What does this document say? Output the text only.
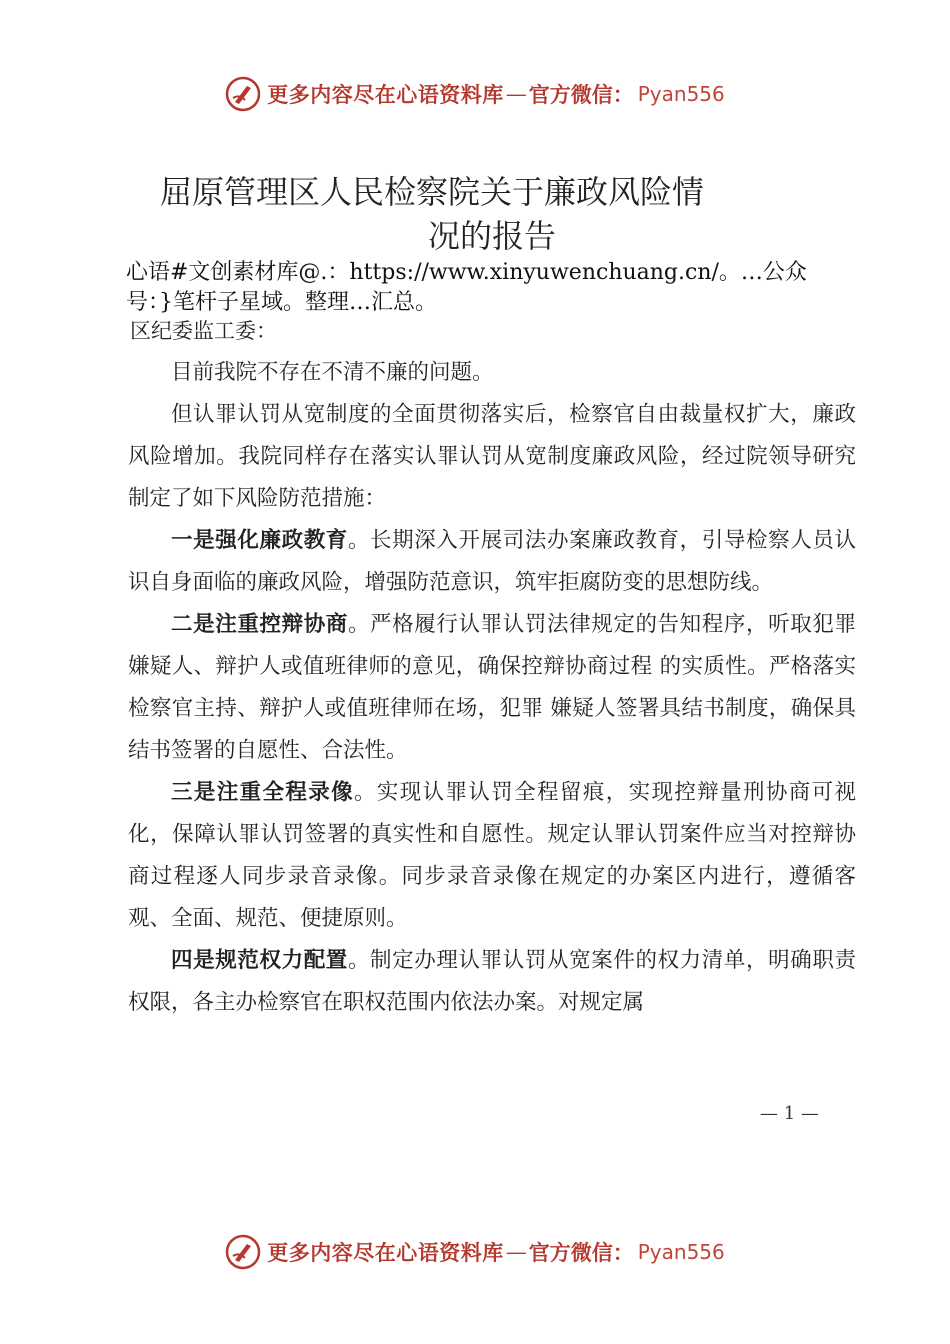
更多内容尽在心语资料库 — 官方微信： Pyan556
屈原管理区人民检察院关于廉政风险情
况的报告
心语#文创素材库@.：https://www.xinyuwenchuang.cn/。…公众号：}笔杆子星域。整理…汇总。
区纪委监工委：

目前我院不存在不清不廉的问题。

但认罪认罚从宽制度的全面贯彻落实后，检察官自由裁量权扩大，廉政风险增加。我院同样存在落实认罪认罚从宽制度廉政风险，经过院领导研究制定了如下风险防范措施：

一是强化廉政教育。长期深入开展司法办案廉政教育，引导检察人员认识自身面临的廉政风险，增强防范意识，筑牢拒腐防变的思想防线。

二是注重控辩协商。严格履行认罪认罚法律规定的告知程序，听取犯罪嫌疑人、辩护人或值班律师的意见，确保控辩协商过程 的实质性。严格落实检察官主持、辩护人或值班律师在场，犯罪 嫌疑人签署具结书制度，确保具结书签署的自愿性、合法性。

三是注重全程录像。实现认罪认罚全程留痕，实现控辩量刑协商可视化，保障认罪认罚签署的真实性和自愿性。规定认罪认罚案件应当对控辩协商过程逐人同步录音录像。同步录音录像在规定的办案区内进行，遵循客观、全面、规范、便捷原则。

四是规范权力配置。制定办理认罪认罚从宽案件的权力清单，明确职责权限，各主办检察官在职权范围内依法办案。对规定属

— 1 —
更多内容尽在心语资料库 — 官方微信： Pyan556
